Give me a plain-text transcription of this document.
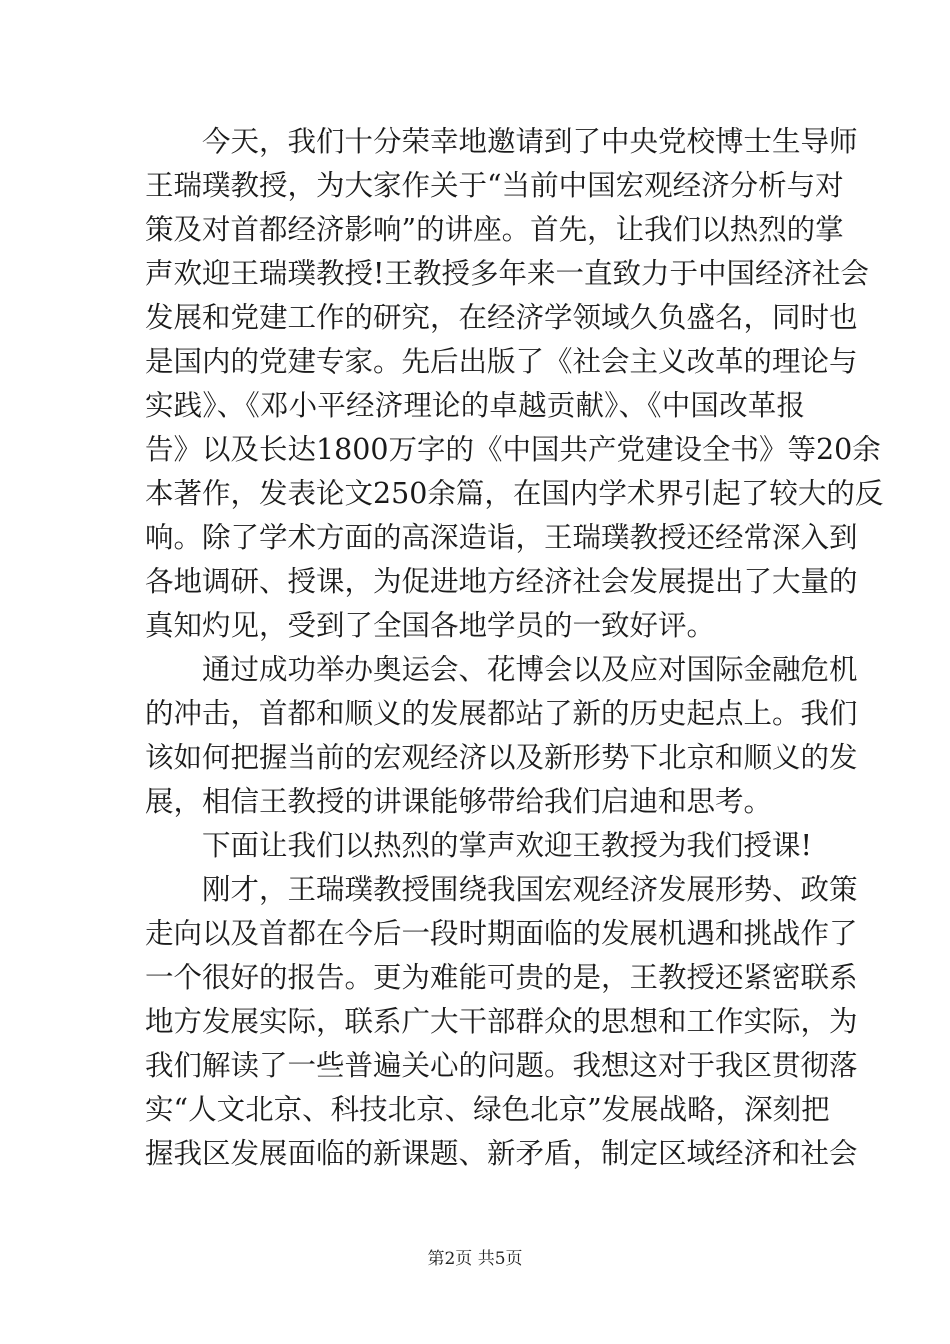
今天，我们十分荣幸地邀请到了中央党校博士生导师
王瑞璞教授，为大家作关于“当前中国宏观经济分析与对
策及对首都经济影响”的讲座。首先，让我们以热烈的掌
声欢迎王瑞璞教授!王教授多年来一直致力于中国经济社会
发展和党建工作的研究，在经济学领域久负盛名，同时也
是国内的党建专家。先后出版了《社会主义改革的理论与
实践》、《邓小平经济理论的卓越贡献》、《中国改革报
告》以及长达1800万字的《中国共产党建设全书》等20余
本著作，发表论文250余篇，在国内学术界引起了较大的反
响。除了学术方面的高深造诣，王瑞璞教授还经常深入到
各地调研、授课，为促进地方经济社会发展提出了大量的
真知灼见，受到了全国各地学员的一致好评。
通过成功举办奥运会、花博会以及应对国际金融危机
的冲击，首都和顺义的发展都站了新的历史起点上。我们
该如何把握当前的宏观经济以及新形势下北京和顺义的发
展，相信王教授的讲课能够带给我们启迪和思考。
下面让我们以热烈的掌声欢迎王教授为我们授课!
刚才，王瑞璞教授围绕我国宏观经济发展形势、政策
走向以及首都在今后一段时期面临的发展机遇和挑战作了
一个很好的报告。更为难能可贵的是，王教授还紧密联系
地方发展实际，联系广大干部群众的思想和工作实际，为
我们解读了一些普遍关心的问题。我想这对于我区贯彻落
实“人文北京、科技北京、绿色北京”发展战略，深刻把
握我区发展面临的新课题、新矛盾，制定区域经济和社会
第2页 共5页
